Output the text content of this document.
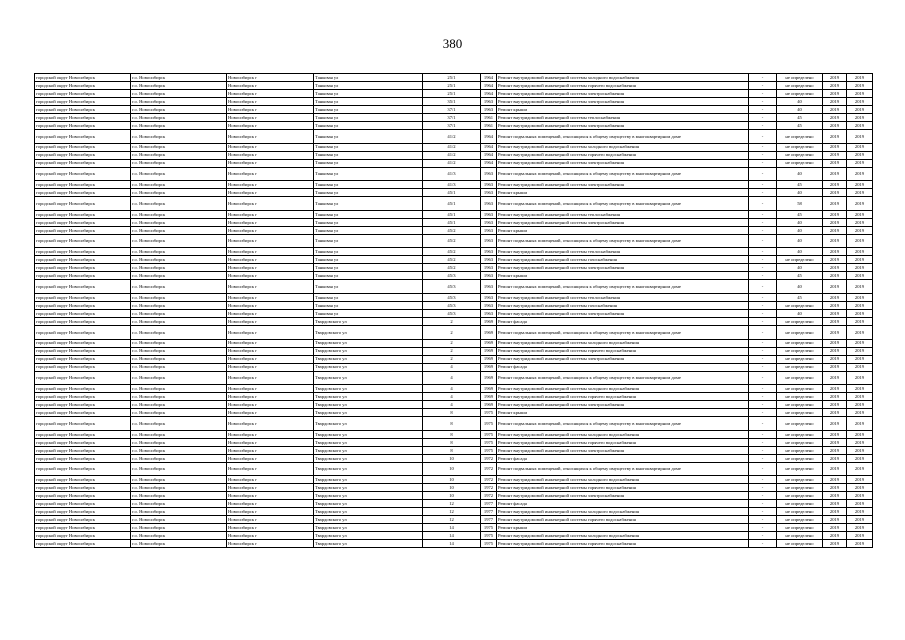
380
городской округ Новосибирск	г.о. Новосибирск	Новосибирск г	Танковая ул	25/1	1964	Ремонт внутридомовой инженерной системы холодного водоснабжения	-	не определено	2019	2019
городской округ Новосибирск	г.о. Новосибирск	Новосибирск г	Танковая ул	25/1	1964	Ремонт внутридомовой инженерной системы горячего водоснабжения	-	не определено	2019	2019
городской округ Новосибирск	г.о. Новосибирск	Новосибирск г	Танковая ул	25/1	1964	Ремонт внутридомовой инженерной системы электроснабжения	-	не определено	2019	2019
городской округ Новосибирск	г.о. Новосибирск	Новосибирск г	Танковая ул	35/1	1963	Ремонт внутридомовой инженерной системы электроснабжения	-	40	2019	2019
городской округ Новосибирск	г.о. Новосибирск	Новосибирск г	Танковая ул	37/1	1963	Ремонт крыши	-	40	2019	2019
городской округ Новосибирск	г.о. Новосибирск	Новосибирск г	Танковая ул	37/1	1961	Ремонт внутридомовой инженерной системы теплоснабжения	-	45	2019	2019
городской округ Новосибирск	г.о. Новосибирск	Новосибирск г	Танковая ул	37/1	1961	Ремонт внутридомовой инженерной системы электроснабжения	-	45	2019	2019
городской округ Новосибирск	г.о. Новосибирск	Новосибирск г	Танковая ул	41/2	1964	Ремонт подвальных помещений, относящихся к общему имуществу в многоквартирном доме	-	не определено	2019	2019
городской округ Новосибирск	г.о. Новосибирск	Новосибирск г	Танковая ул	41/2	1964	Ремонт внутридомовой инженерной системы холодного водоснабжения	-	не определено	2019	2019
городской округ Новосибирск	г.о. Новосибирск	Новосибирск г	Танковая ул	41/2	1964	Ремонт внутридомовой инженерной системы горячего водоснабжения	-	не определено	2019	2019
городской округ Новосибирск	г.о. Новосибирск	Новосибирск г	Танковая ул	41/2	1964	Ремонт внутридомовой инженерной системы электроснабжения	-	не определено	2019	2019
городской округ Новосибирск	г.о. Новосибирск	Новосибирск г	Танковая ул	41/3	1963	Ремонт подвальных помещений, относящихся к общему имуществу в многоквартирном доме	-	40	2019	2019
городской округ Новосибирск	г.о. Новосибирск	Новосибирск г	Танковая ул	41/3	1963	Ремонт внутридомовой инженерной системы электроснабжения	-	45	2019	2019
городской округ Новосибирск	г.о. Новосибирск	Новосибирск г	Танковая ул	45/1	1963	Ремонт крыши	-	40	2019	2019
городской округ Новосибирск	г.о. Новосибирск	Новосибирск г	Танковая ул	45/1	1963	Ремонт подвальных помещений, относящихся к общему имуществу в многоквартирном доме	-	58	2019	2019
городской округ Новосибирск	г.о. Новосибирск	Новосибирск г	Танковая ул	45/1	1963	Ремонт внутридомовой инженерной системы теплоснабжения	-	45	2019	2019
городской округ Новосибирск	г.о. Новосибирск	Новосибирск г	Танковая ул	45/1	1963	Ремонт внутридомовой инженерной системы электроснабжения	-	40	2019	2019
городской округ Новосибирск	г.о. Новосибирск	Новосибирск г	Танковая ул	45/2	1963	Ремонт крыши	-	40	2019	2019
городской округ Новосибирск	г.о. Новосибирск	Новосибирск г	Танковая ул	45/2	1963	Ремонт подвальных помещений, относящихся к общему имуществу в многоквартирном доме	-	40	2019	2019
городской округ Новосибирск	г.о. Новосибирск	Новосибирск г	Танковая ул	45/2	1963	Ремонт внутридомовой инженерной системы теплоснабжения	-	40	2019	2019
городской округ Новосибирск	г.о. Новосибирск	Новосибирск г	Танковая ул	45/2	1963	Ремонт внутридомовой инженерной системы газоснабжения	-	не определено	2019	2019
городской округ Новосибирск	г.о. Новосибирск	Новосибирск г	Танковая ул	45/2	1963	Ремонт внутридомовой инженерной системы электроснабжения	-	40	2019	2019
городской округ Новосибирск	г.о. Новосибирск	Новосибирск г	Танковая ул	45/3	1963	Ремонт крыши	-	45	2019	2019
городской округ Новосибирск	г.о. Новосибирск	Новосибирск г	Танковая ул	45/3	1963	Ремонт подвальных помещений, относящихся к общему имуществу в многоквартирном доме	-	40	2019	2019
городской округ Новосибирск	г.о. Новосибирск	Новосибирск г	Танковая ул	45/3	1963	Ремонт внутридомовой инженерной системы теплоснабжения	-	45	2019	2019
городской округ Новосибирск	г.о. Новосибирск	Новосибирск г	Танковая ул	45/3	1963	Ремонт внутридомовой инженерной системы газоснабжения	-	не определено	2019	2019
городской округ Новосибирск	г.о. Новосибирск	Новосибирск г	Танковая ул	45/3	1963	Ремонт внутридомовой инженерной системы электроснабжения	-	40	2019	2019
городской округ Новосибирск	г.о. Новосибирск	Новосибирск г	Твардовского ул	2	1969	Ремонт фасада	-	не определено	2019	2019
городской округ Новосибирск	г.о. Новосибирск	Новосибирск г	Твардовского ул	2	1969	Ремонт подвальных помещений, относящихся к общему имуществу в многоквартирном доме	-	не определено	2019	2019
городской округ Новосибирск	г.о. Новосибирск	Новосибирск г	Твардовского ул	2	1969	Ремонт внутридомовой инженерной системы холодного водоснабжения	-	не определено	2019	2019
городской округ Новосибирск	г.о. Новосибирск	Новосибирск г	Твардовского ул	2	1969	Ремонт внутридомовой инженерной системы горячего водоснабжения	-	не определено	2019	2019
городской округ Новосибирск	г.о. Новосибирск	Новосибирск г	Твардовского ул	2	1969	Ремонт внутридомовой инженерной системы электроснабжения	-	не определено	2019	2019
городской округ Новосибирск	г.о. Новосибирск	Новосибирск г	Твардовского ул	4	1969	Ремонт фасада	-	не определено	2019	2019
городской округ Новосибирск	г.о. Новосибирск	Новосибирск г	Твардовского ул	4	1969	Ремонт подвальных помещений, относящихся к общему имуществу в многоквартирном доме	-	не определено	2019	2019
городской округ Новосибирск	г.о. Новосибирск	Новосибирск г	Твардовского ул	4	1969	Ремонт внутридомовой инженерной системы холодного водоснабжения	-	не определено	2019	2019
городской округ Новосибирск	г.о. Новосибирск	Новосибирск г	Твардовского ул	4	1969	Ремонт внутридомовой инженерной системы горячего водоснабжения	-	не определено	2019	2019
городской округ Новосибирск	г.о. Новосибирск	Новосибирск г	Твардовского ул	4	1969	Ремонт внутридомовой инженерной системы электроснабжения	-	не определено	2019	2019
городской округ Новосибирск	г.о. Новосибирск	Новосибирск г	Твардовского ул	8	1975	Ремонт крыши	-	не определено	2019	2019
городской округ Новосибирск	г.о. Новосибирск	Новосибирск г	Твардовского ул	8	1975	Ремонт подвальных помещений, относящихся к общему имуществу в многоквартирном доме	-	не определено	2019	2019
городской округ Новосибирск	г.о. Новосибирск	Новосибирск г	Твардовского ул	8	1975	Ремонт внутридомовой инженерной системы холодного водоснабжения	-	не определено	2019	2019
городской округ Новосибирск	г.о. Новосибирск	Новосибирск г	Твардовского ул	8	1975	Ремонт внутридомовой инженерной системы горячего водоснабжения	-	не определено	2019	2019
городской округ Новосибирск	г.о. Новосибирск	Новосибирск г	Твардовского ул	8	1975	Ремонт внутридомовой инженерной системы электроснабжения	-	не определено	2019	2019
городской округ Новосибирск	г.о. Новосибирск	Новосибирск г	Твардовского ул	10	1972	Ремонт фасада	-	не определено	2019	2019
городской округ Новосибирск	г.о. Новосибирск	Новосибирск г	Твардовского ул	10	1972	Ремонт подвальных помещений, относящихся к общему имуществу в многоквартирном доме	-	не определено	2019	2019
городской округ Новосибирск	г.о. Новосибирск	Новосибирск г	Твардовского ул	10	1972	Ремонт внутридомовой инженерной системы холодного водоснабжения	-	не определено	2019	2019
городской округ Новосибирск	г.о. Новосибирск	Новосибирск г	Твардовского ул	10	1972	Ремонт внутридомовой инженерной системы горячего водоснабжения	-	не определено	2019	2019
городской округ Новосибирск	г.о. Новосибирск	Новосибирск г	Твардовского ул	10	1972	Ремонт внутридомовой инженерной системы электроснабжения	-	не определено	2019	2019
городской округ Новосибирск	г.о. Новосибирск	Новосибирск г	Твардовского ул	12	1977	Ремонт фасада	-	не определено	2019	2019
городской округ Новосибирск	г.о. Новосибирск	Новосибирск г	Твардовского ул	12	1977	Ремонт внутридомовой инженерной системы холодного водоснабжения	-	не определено	2019	2019
городской округ Новосибирск	г.о. Новосибирск	Новосибирск г	Твардовского ул	12	1977	Ремонт внутридомовой инженерной системы горячего водоснабжения	-	не определено	2019	2019
городской округ Новосибирск	г.о. Новосибирск	Новосибирск г	Твардовского ул	14	1975	Ремонт крыши	-	не определено	2019	2019
городской округ Новосибирск	г.о. Новосибирск	Новосибирск г	Твардовского ул	14	1975	Ремонт внутридомовой инженерной системы холодного водоснабжения	-	не определено	2019	2019
городской округ Новосибирск	г.о. Новосибирск	Новосибирск г	Твардовского ул	14	1975	Ремонт внутридомовой инженерной системы горячего водоснабжения	-	не определено	2019	2019
